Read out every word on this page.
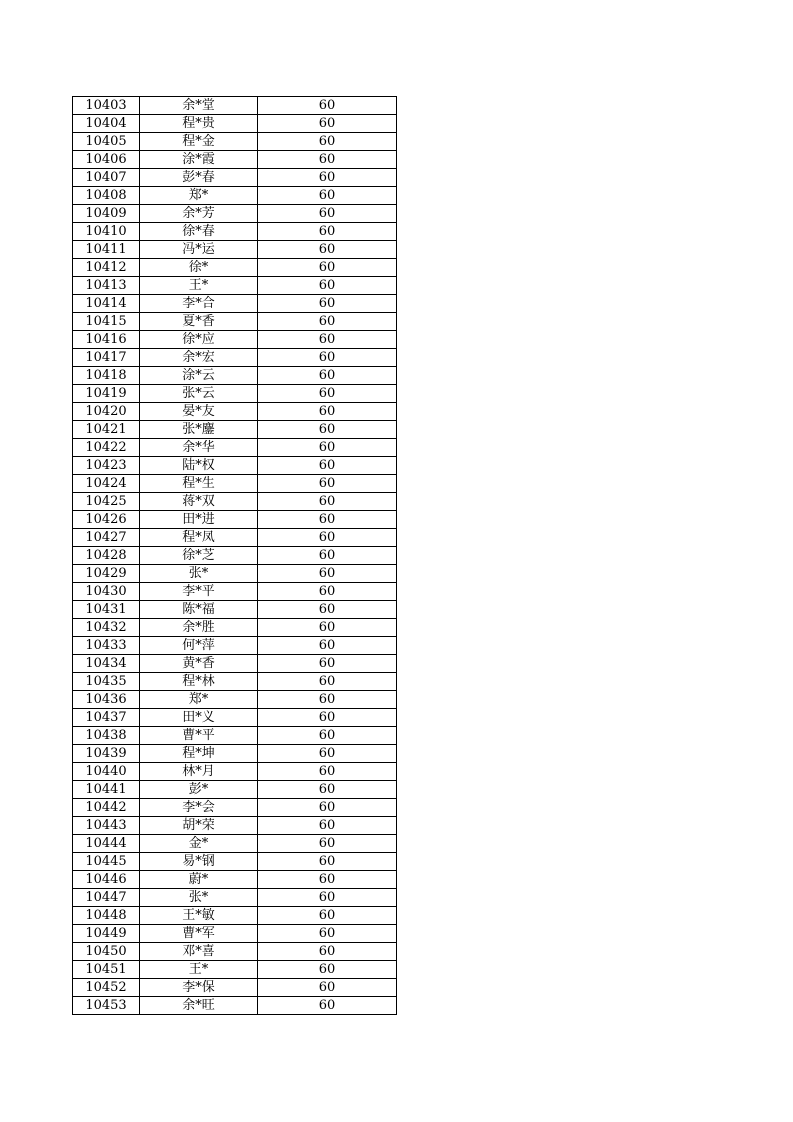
10403	余*堂	60
10404	程*贵	60
10405	程*金	60
10406	涂*霞	60
10407	彭*春	60
10408	郑*	60
10409	余*芳	60
10410	徐*春	60
10411	冯*运	60
10412	徐*	60
10413	王*	60
10414	李*合	60
10415	夏*香	60
10416	徐*应	60
10417	余*宏	60
10418	涂*云	60
10419	张*云	60
10420	晏*友	60
10421	张*鏖	60
10422	余*华	60
10423	陆*权	60
10424	程*生	60
10425	蒋*双	60
10426	田*进	60
10427	程*凤	60
10428	徐*芝	60
10429	张*	60
10430	李*平	60
10431	陈*福	60
10432	余*胜	60
10433	何*萍	60
10434	黄*香	60
10435	程*林	60
10436	郑*	60
10437	田*义	60
10438	曹*平	60
10439	程*坤	60
10440	林*月	60
10441	彭*	60
10442	李*会	60
10443	胡*荣	60
10444	金*	60
10445	易*钢	60
10446	蔚*	60
10447	张*	60
10448	王*敏	60
10449	曹*军	60
10450	邓*喜	60
10451	王*	60
10452	李*保	60
10453	余*旺	60
